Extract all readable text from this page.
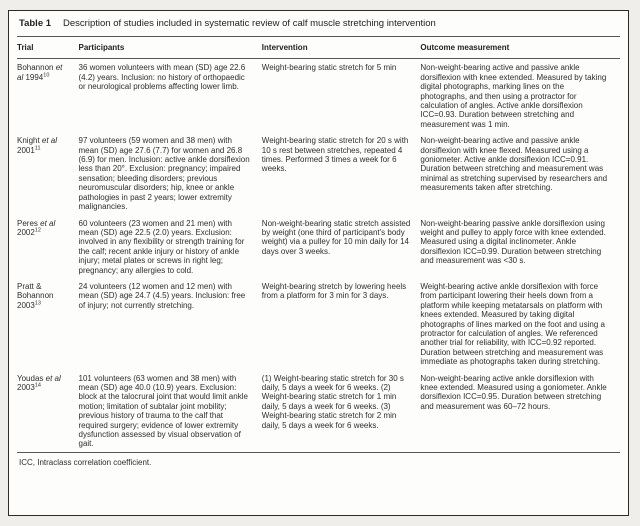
Table 1 Description of studies included in systematic review of calf muscle stretching intervention
Trial	Participants	Intervention	Outcome measurement
Bohannon et al 1994$^{10}$	36 women volunteers with mean (SD) age 22.6 (4.2) years. Inclusion: no history of orthopaedic or neurological problems affecting lower limb.	Weight-bearing static stretch for 5 min	Non-weight-bearing active and passive ankle dorsiflexion with knee extended. Measured by taking digital photographs, marking lines on the photographs, and then using a protractor for calculation of angles. Active ankle dorsiflexion ICC=0.93. Duration between stretching and measurement was 1 min.
Knight et al 2001$^{11}$	97 volunteers (59 women and 38 men) with mean (SD) age 27.6 (7.7) for women and 26.8 (6.9) for men. Inclusion: active ankle dorsiflexion less than 20°. Exclusion: pregnancy; impaired sensation; bleeding disorders; previous neuromuscular disorders; hip, knee or ankle pathologies in past 2 years; lower extremity malignancies.	Weight-bearing static stretch for 20 s with 10 s rest between stretches, repeated 4 times. Performed 3 times a week for 6 weeks.	Non-weight-bearing active and passive ankle dorsiflexion with knee flexed. Measured using a goniometer. Active ankle dorsiflexion ICC=0.91. Duration between stretching and measurement was minimal as stretching supervised by researchers and measurements taken after stretching.
Peres et al 2002$^{12}$	60 volunteers (23 women and 21 men) with mean (SD) age 22.5 (2.0) years. Exclusion: involved in any flexibility or strength training for the calf; recent ankle injury or history of ankle injury; metal plates or screws in right leg; pregnancy; any allergies to cold.	Non-weight-bearing static stretch assisted by weight (one third of participant's body weight) via a pulley for 10 min daily for 14 days over 3 weeks.	Non-weight-bearing passive ankle dorsiflexion using weight and pulley to apply force with knee extended. Measured using a digital inclinometer. Ankle dorsiflexion ICC=0.99. Duration between stretching and measurement was <30 s.
Pratt & Bohannon 2003$^{13}$	24 volunteers (12 women and 12 men) with mean (SD) age 24.7 (4.5) years. Inclusion: free of injury; not currently stretching.	Weight-bearing stretch by lowering heels from a platform for 3 min for 3 days.	Weight-bearing active ankle dorsiflexion with force from participant lowering their heels down from a platform while keeping metatarsals on platform with knees extended. Measured by taking digital photographs of lines marked on the foot and using a protractor for calculation of angles. We referenced another trial for reliability, with ICC=0.92 reported. Duration between stretching and measurement was immediate as photographs taken during stretching.
Youdas et al 2003$^{14}$	101 volunteers (63 women and 38 men) with mean (SD) age 40.0 (10.9) years. Exclusion: block at the talocrural joint that would limit ankle motion; limitation of subtalar joint mobility; previous history of trauma to the calf that required surgery; evidence of lower extremity dysfunction assessed by visual observation of gait.	(1) Weight-bearing static stretch for 30 s daily, 5 days a week for 6 weeks. (2) Weight-bearing static stretch for 1 min daily, 5 days a week for 6 weeks. (3) Weight-bearing static stretch for 2 min daily, 5 days a week for 6 weeks.	Non-weight-bearing active ankle dorsiflexion with knee extended. Measured using a goniometer. Ankle dorsiflexion ICC=0.95. Duration between stretching and measurement was 60–72 hours.
ICC, Intraclass correlation coefficient.
